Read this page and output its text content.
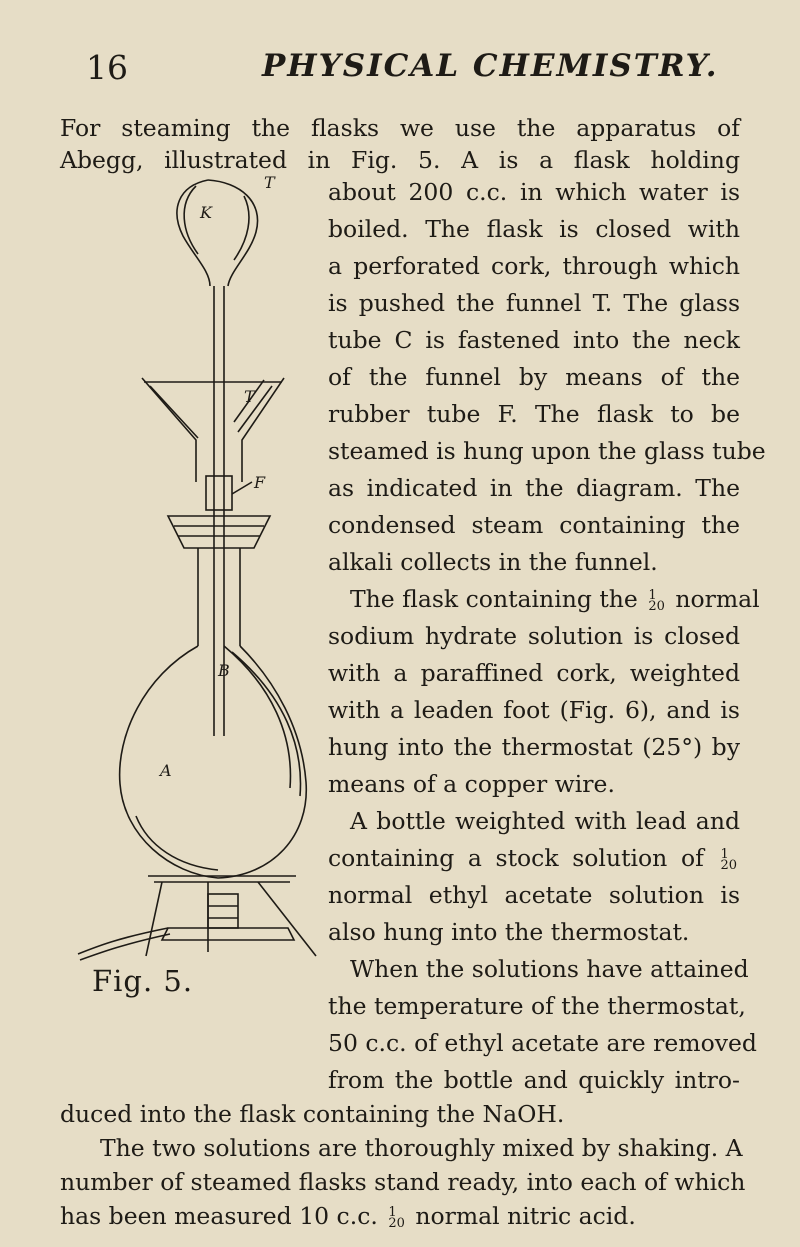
16	PHYSICAL CHEMISTRY.
For steaming the flasks we use the apparatus of
Abegg, illustrated in Fig. 5. A is a flask holding
about 200 c.c. in which water is
boiled. The flask is closed with
a perforated cork, through which
is pushed the funnel T. The glass
tube C is fastened into the neck
of the funnel by means of the
rubber tube F. The flask to be
steamed is hung upon the glass tube
as indicated in the diagram. The
condensed steam containing the
alkali collects in the funnel.
The flask containing the 1
20 normal
sodium hydrate solution is closed
with a paraffined cork, weighted
with a leaden foot (Fig. 6), and is
hung into the thermostat (25°) by
means of a copper wire.
A bottle weighted with lead and
containing a stock solution of 1
20
normal ethyl acetate solution is
also hung into the thermostat.
When the solutions have attained
the temperature of the thermostat,
50 c.c. of ethyl acetate are removed
from the bottle and quickly intro-
duced into the flask containing the NaOH.
The two solutions are thoroughly mixed by shaking. A
number of steamed flasks stand ready, into each of which
has been measured 10 c.c. 1
20 normal nitric acid.
T
K
T
F
B
A
Fig. 5.
